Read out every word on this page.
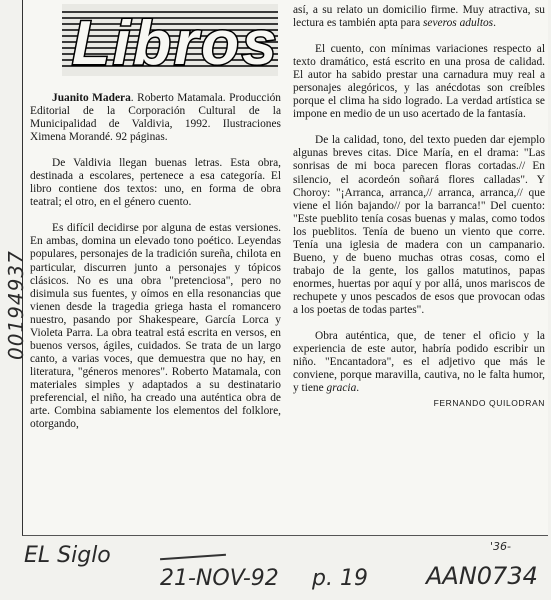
Libros

Juanito Madera. Roberto Matamala. Producción Editorial de la Corporación Cultural de la Municipalidad de Valdivia, 1992. Ilustraciones Ximena Morandé. 92 páginas.

De Valdivia llegan buenas letras. Esta obra, destinada a escolares, pertenece a esa categoría. El libro contiene dos textos: uno, en forma de obra teatral; el otro, en el género cuento.

Es difícil decidirse por alguna de estas versiones. En ambas, domina un elevado tono poético. Leyendas populares, personajes de la tradición sureña, chilota en particular, discurren junto a personajes y tópicos clásicos. No es una obra "pretenciosa", pero no disimula sus fuentes, y oímos en ella resonancias que vienen desde la tragedia griega hasta el romancero nuestro, pasando por Shakespeare, García Lorca y Violeta Parra. La obra teatral está escrita en versos, en buenos versos, ágiles, cuidados. Se trata de un largo canto, a varias voces, que demuestra que no hay, en literatura, "géneros menores". Roberto Matamala, con materiales simples y adaptados a su destinatario preferencial, el niño, ha creado una auténtica obra de arte. Combina sabiamente los elementos del folklore, otorgando,

así, a su relato un domicilio firme. Muy atractiva, su lectura es también apta para severos adultos.

El cuento, con mínimas variaciones respecto al texto dramático, está escrito en una prosa de calidad. El autor ha sabido prestar una carnadura muy real a personajes alegóricos, y las anécdotas son creíbles porque el clima ha sido logrado. La verdad artística se impone en medio de un uso acertado de la fantasía.

De la calidad, tono, del texto pueden dar ejemplo algunas breves citas. Dice María, en el drama: "Las sonrisas de mi boca parecen floras cortadas.// En silencio, el acordeón soñará flores calladas". Y Choroy: "¡Arranca, arranca,// arranca, arranca,// que viene el lión bajando// por la barranca!" Del cuento: "Este pueblito tenía cosas buenas y malas, como todos los pueblitos. Tenía de bueno un viento que corre. Tenía una iglesia de madera con un campanario. Bueno, y de bueno muchas otras cosas, como el trabajo de la gente, los gallos matutinos, papas enormes, huertas por aquí y por allá, unos mariscos de rechupete y unos pescados de esos que provocan odas a los poetas de todas partes".

Obra auténtica, que, de tener el oficio y la experiencia de este autor, habría podido escribir un niño. "Encantadora", es el adjetivo que más le conviene, porque maravilla, cautiva, no le falta humor, y tiene gracia.

FERNANDO QUILODRAN
00194937
EL Siglo
21-NOV-92 p. 19 AAN0734
'36-
